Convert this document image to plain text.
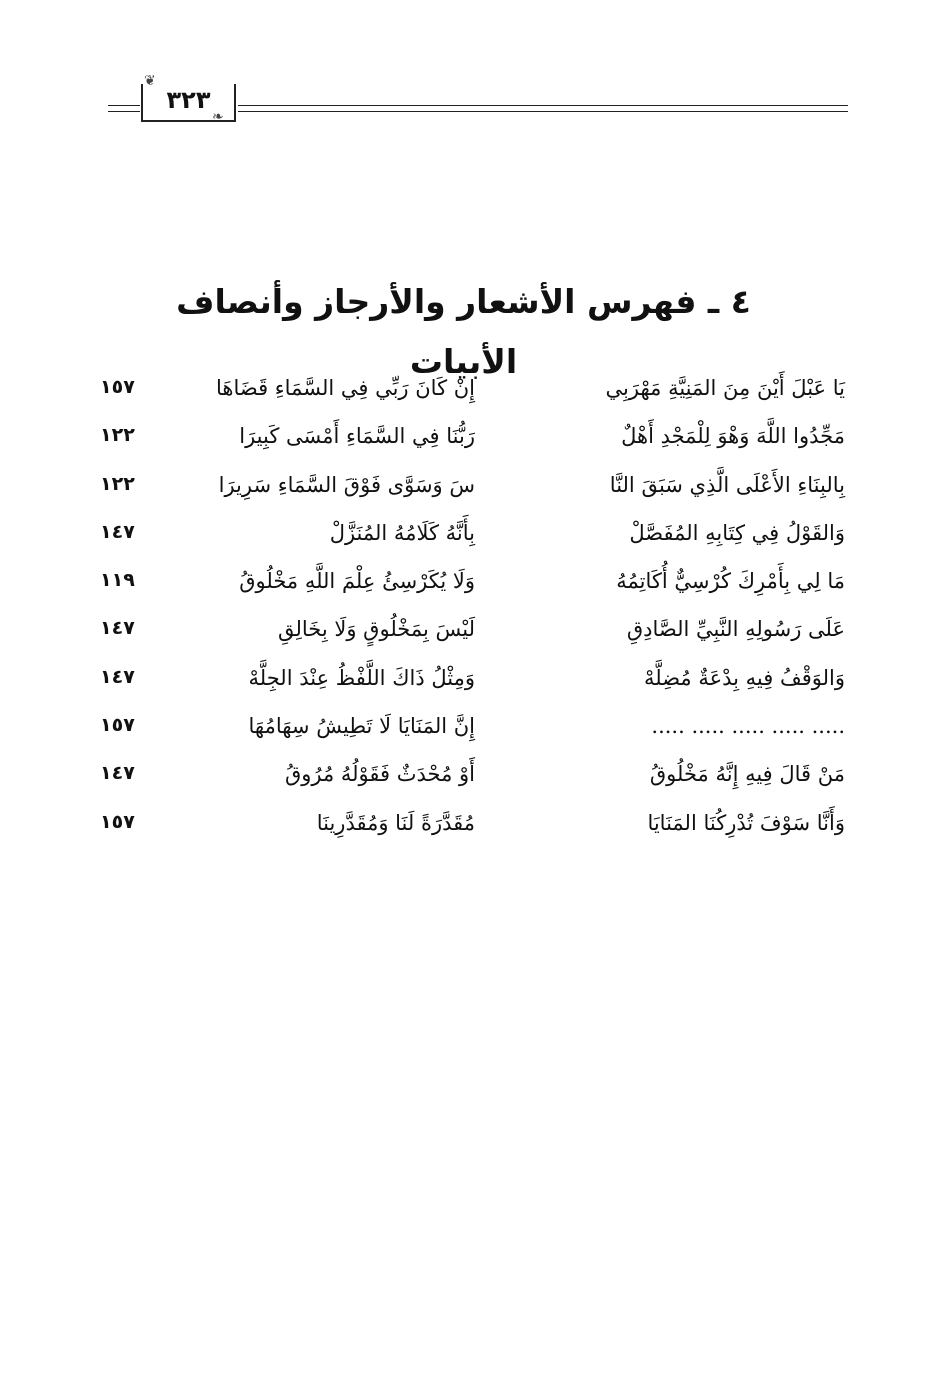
٣٢٣
❦
❧
٤ ـ فهرس الأشعار والأرجاز وأنصاف الأبيات
يَا عَبْلَ أَيْنَ مِنَ المَنِيَّةِ مَهْرَبِي
إِنْ كَانَ رَبِّي فِي السَّمَاءِ قَضَاهَا
١٥٧
مَجِّدُوا اللَّهَ وَهْوَ لِلْمَجْدِ أَهْلٌ
رَبُّنَا فِي السَّمَاءِ أَمْسَى كَبِيرَا
١٢٢
بِالبِنَاءِ الأَعْلَى الَّذِي سَبَقَ النَّا
سَ وَسَوَّى فَوْقَ السَّمَاءِ سَرِيرَا
١٢٢
وَالقَوْلُ فِي كِتَابِهِ المُفَصَّلْ
بِأَنَّهُ كَلَامُهُ المُنَزَّلْ
١٤٧
مَا لِي بِأَمْرِكَ كُرْسِيٌّ أُكَاتِمُهُ
وَلَا يُكَرْسِئُ عِلْمَ اللَّهِ مَخْلُوقُ
١١٩
عَلَى رَسُولِهِ النَّبِيِّ الصَّادِقِ
لَيْسَ بِمَخْلُوقٍ وَلَا بِخَالِقِ
١٤٧
وَالوَقْفُ فِيهِ بِدْعَةٌ مُضِلَّهْ
وَمِثْلُ ذَاكَ اللَّفْظُ عِنْدَ الجِلَّهْ
١٤٧
..... ..... ..... ..... .....
إِنَّ المَنَايَا لَا تَطِيشُ سِهَامُهَا
١٥٧
مَنْ قَالَ فِيهِ إِنَّهُ مَخْلُوقُ
أَوْ مُحْدَثٌ فَقَوْلُهُ مُرُوقُ
١٤٧
وَأَنَّا سَوْفَ تُدْرِكُنَا المَنَايَا
مُقَدَّرَةً لَنَا وَمُقَدَّرِينَا
١٥٧
